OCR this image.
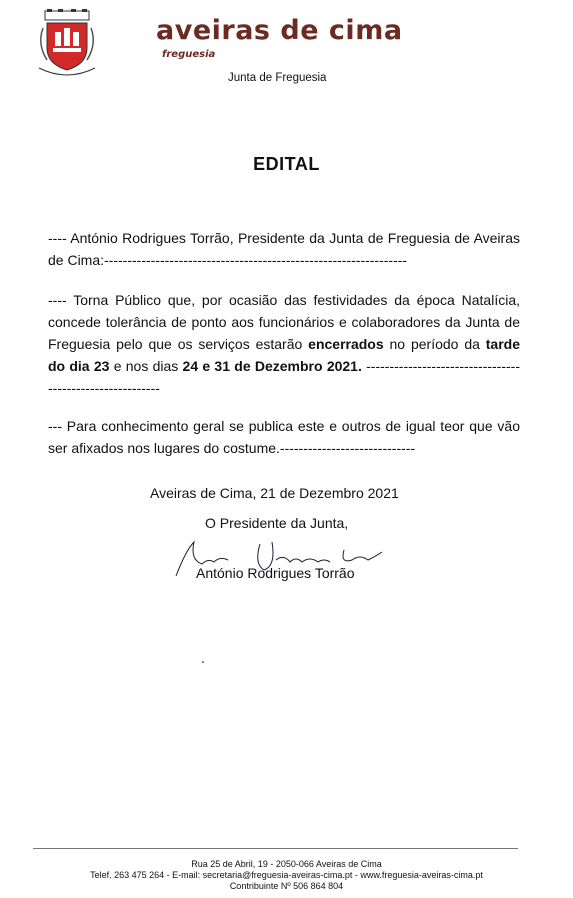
aveiras de cima
freguesia
Junta de Freguesia
EDITAL
---- António Rodrigues Torrão, Presidente da Junta de Freguesia de Aveiras de Cima:-----------------------------------------------------------------
---- Torna Público que, por ocasião das festividades da época Natalícia, concede tolerância de ponto aos funcionários e colaboradores da Junta de Freguesia pelo que os serviços estarão encerrados no período da tarde do dia 23 e nos dias 24 e 31 de Dezembro 2021. ---------------------------------------------------------
--- Para conhecimento geral se publica este e outros de igual teor que vão ser afixados nos lugares do costume.-----------------------------
Aveiras de Cima, 21 de Dezembro 2021
O Presidente da Junta,
António Rodrigues Torrão
Rua 25 de Abril, 19 - 2050-066 Aveiras de Cima
Telef. 263 475 264 - E-mail: secretaria@freguesia-aveiras-cima.pt - www.freguesia-aveiras-cima.pt
Contribuinte Nº 506 864 804
